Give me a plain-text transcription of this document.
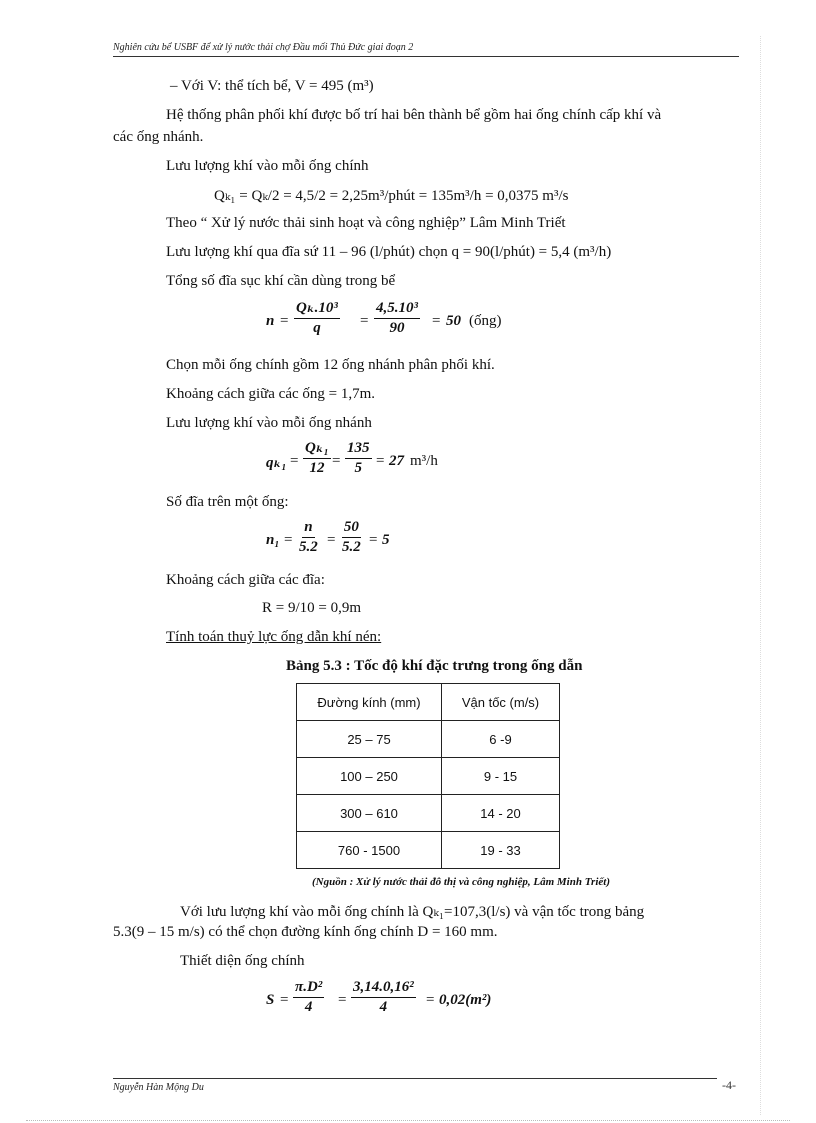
Nghiên cứu bể USBF để xử lý nước thải chợ Đầu mối Thủ Đức giai đoạn 2
– Với V: thể tích bể, V = 495 (m³)
Hệ thống phân phối khí được bố trí hai bên thành bể gồm hai ống chính cấp khí và
các ống nhánh.
Lưu lượng khí vào mỗi ống chính
Qₖ₁ = Qₖ/2 = 4,5/2 = 2,25m³/phút = 135m³/h = 0,0375 m³/s
Theo “ Xử lý nước thải sinh hoạt và công nghiệp” Lâm Minh Triết
Lưu lượng khí qua đĩa sứ 11 – 96 (l/phút) chọn q = 90(l/phút) = 5,4 (m³/h)
Tổng số đĩa sục khí cần dùng trong bể
$n = \frac{\text{Qₖ.10³}}{q} = \frac{\text{4,5.10³}}{90} = 50$ (ống)
Chọn mỗi ống chính gồm 12 ống nhánh phân phối khí.
Khoảng cách giữa các ống = 1,7m.
Lưu lượng khí vào mỗi ống nhánh
$q_{k1} = \frac{\text{Qₖ₁}}{12} = \frac{135}{5} = 27$ m³/h
Số đĩa trên một ống:
$n_1 = \frac{n}{5.2} = \frac{50}{5.2} = 5$
Khoảng cách giữa các đĩa:
R = 9/10 = 0,9m
Tính toán thuỷ lực ống dẫn khí nén:
Bảng 5.3 : Tốc độ khí đặc trưng trong ống dẫn
Đường kính (mm)	Vận tốc (m/s)
25 – 75	6 -9
100 – 250	9 - 15
300 – 610	14 - 20
760 - 1500	19 - 33
(Nguồn : Xử lý nước thải đô thị và công nghiệp, Lâm Minh Triết)
Với lưu lượng khí vào mỗi ống chính là Qₖ₁=107,3(l/s) và vận tốc trong bảng
5.3(9 – 15 m/s) có thể chọn đường kính ống chính D = 160 mm.
Thiết diện ống chính
$S = \frac{\text{π.D²}}{4} = \frac{\text{3,14.0,16²}}{4} = 0,02(m^2)$
Nguyễn Hàn Mộng Du	-4-
